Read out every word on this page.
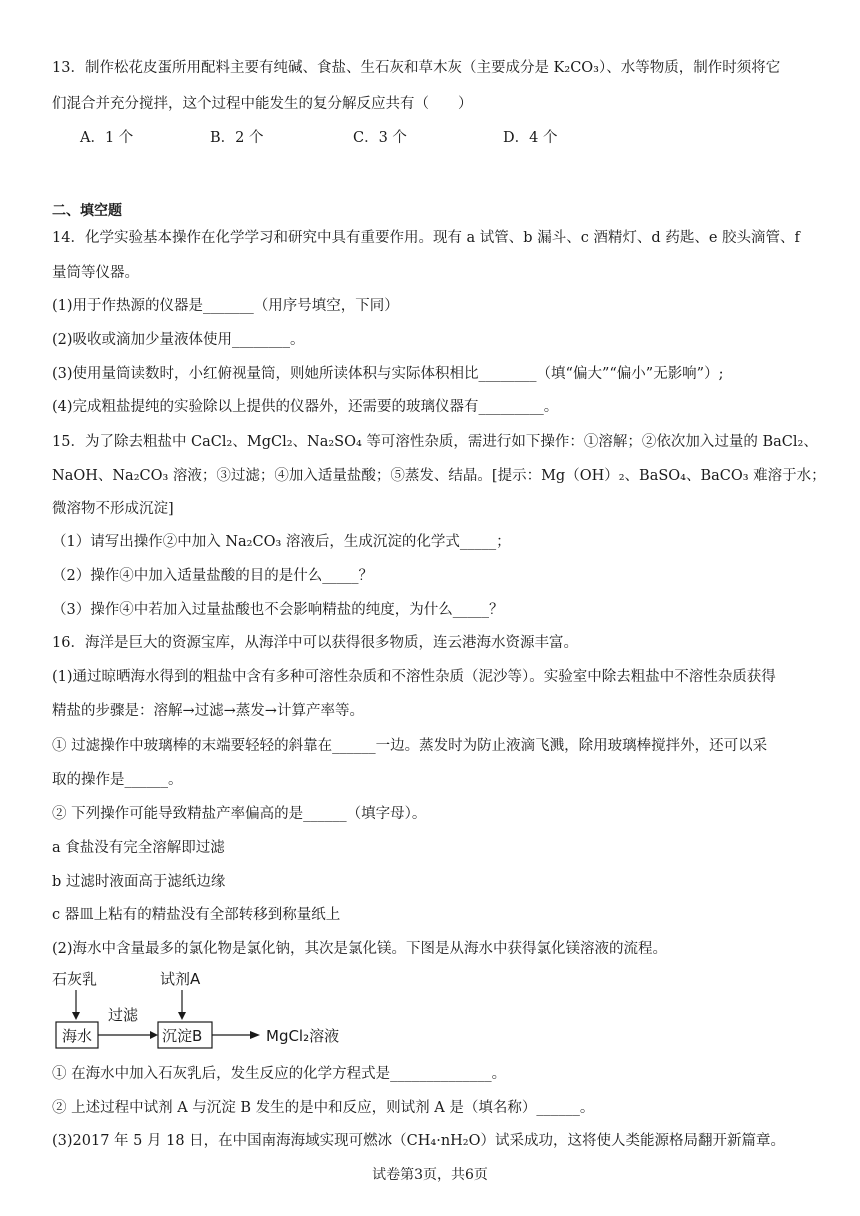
13．制作松花皮蛋所用配料主要有纯碱、食盐、生石灰和草木灰（主要成分是 K₂CO₃）、水等物质，制作时须将它
们混合并充分搅拌，这个过程中能发生的复分解反应共有（　　）
A．1 个	B．2 个	C．3 个	D．4 个
二、填空题
14．化学实验基本操作在化学学习和研究中具有重要作用。现有 a 试管、b 漏斗、c 酒精灯、d 药匙、e 胶头滴管、f
量筒等仪器。
(1)用于作热源的仪器是_______（用序号填空，下同）
(2)吸收或滴加少量液体使用________。
(3)使用量筒读数时，小红俯视量筒，则她所读体积与实际体积相比________（填“偏大”“偏小”无影响”）;
(4)完成粗盐提纯的实验除以上提供的仪器外，还需要的玻璃仪器有_________。
15．为了除去粗盐中 CaCl₂、MgCl₂、Na₂SO₄ 等可溶性杂质，需进行如下操作：①溶解；②依次加入过量的 BaCl₂、
NaOH、Na₂CO₃ 溶液；③过滤；④加入适量盐酸；⑤蒸发、结晶。[提示：Mg（OH）₂、BaSO₄、BaCO₃ 难溶于水；
微溶物不形成沉淀]
（1）请写出操作②中加入 Na₂CO₃ 溶液后，生成沉淀的化学式_____；
（2）操作④中加入适量盐酸的目的是什么_____？
（3）操作④中若加入过量盐酸也不会影响精盐的纯度，为什么_____？
16．海洋是巨大的资源宝库，从海洋中可以获得很多物质，连云港海水资源丰富。
(1)通过晾晒海水得到的粗盐中含有多种可溶性杂质和不溶性杂质（泥沙等）。实验室中除去粗盐中不溶性杂质获得
精盐的步骤是：溶解→过滤→蒸发→计算产率等。
① 过滤操作中玻璃棒的末端要轻轻的斜靠在______一边。蒸发时为防止液滴飞溅，除用玻璃棒搅拌外，还可以采
取的操作是______。
② 下列操作可能导致精盐产率偏高的是______（填字母）。
a 食盐没有完全溶解即过滤
b 过滤时液面高于滤纸边缘
c 器皿上粘有的精盐没有全部转移到称量纸上
(2)海水中含量最多的氯化物是氯化钠，其次是氯化镁。下图是从海水中获得氯化镁溶液的流程。
石灰乳	试剂A
海水
过滤
沉淀B	MgCl₂溶液
① 在海水中加入石灰乳后，发生反应的化学方程式是______________。
② 上述过程中试剂 A 与沉淀 B 发生的是中和反应，则试剂 A 是（填名称）______。
(3)2017 年 5 月 18 日，在中国南海海域实现可燃冰（CH₄·nH₂O）试采成功，这将使人类能源格局翻开新篇章。
试卷第3页，共6页
